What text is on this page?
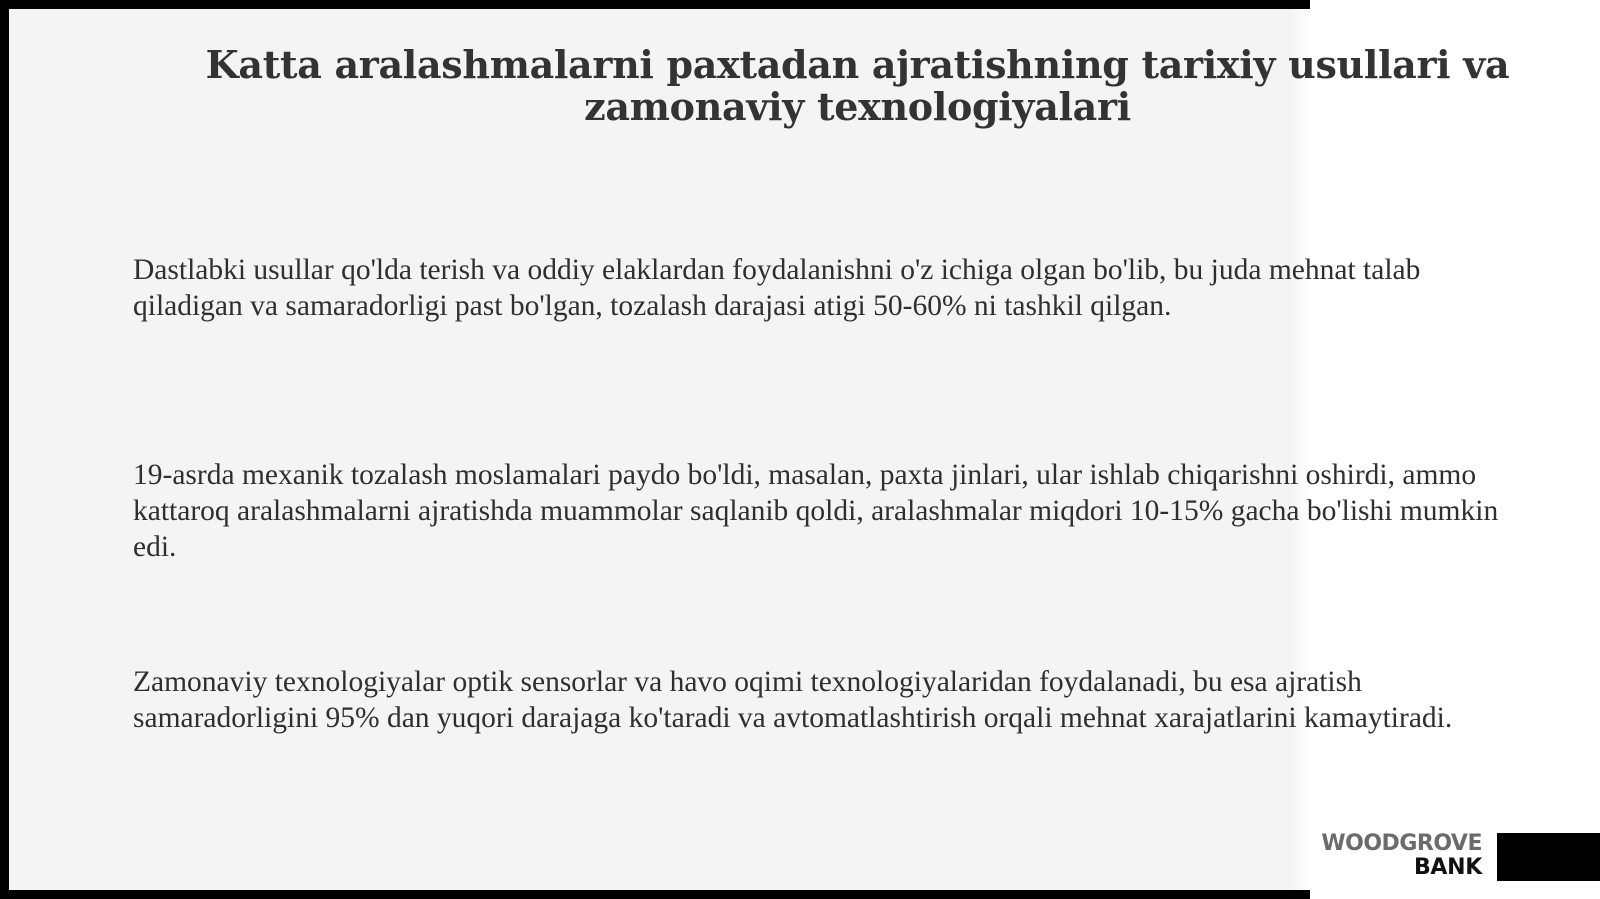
Katta aralashmalarni paxtadan ajratishning tarixiy usullari va zamonaviy texnologiyalari

Dastlabki usullar qo'lda terish va oddiy elaklardan foydalanishni o'z ichiga olgan bo'lib, bu juda mehnat talab qiladigan va samaradorligi past bo'lgan, tozalash darajasi atigi 50-60% ni tashkil qilgan.

19-asrda mexanik tozalash moslamalari paydo bo'ldi, masalan, paxta jinlari, ular ishlab chiqarishni oshirdi, ammo kattaroq aralashmalarni ajratishda muammolar saqlanib qoldi, aralashmalar miqdori 10-15% gacha bo'lishi mumkin edi.

Zamonaviy texnologiyalar optik sensorlar va havo oqimi texnologiyalaridan foydalanadi, bu esa ajratish samaradorligini 95% dan yuqori darajaga ko'taradi va avtomatlashtirish orqali mehnat xarajatlarini kamaytiradi.

WOODGROVE
BANK
